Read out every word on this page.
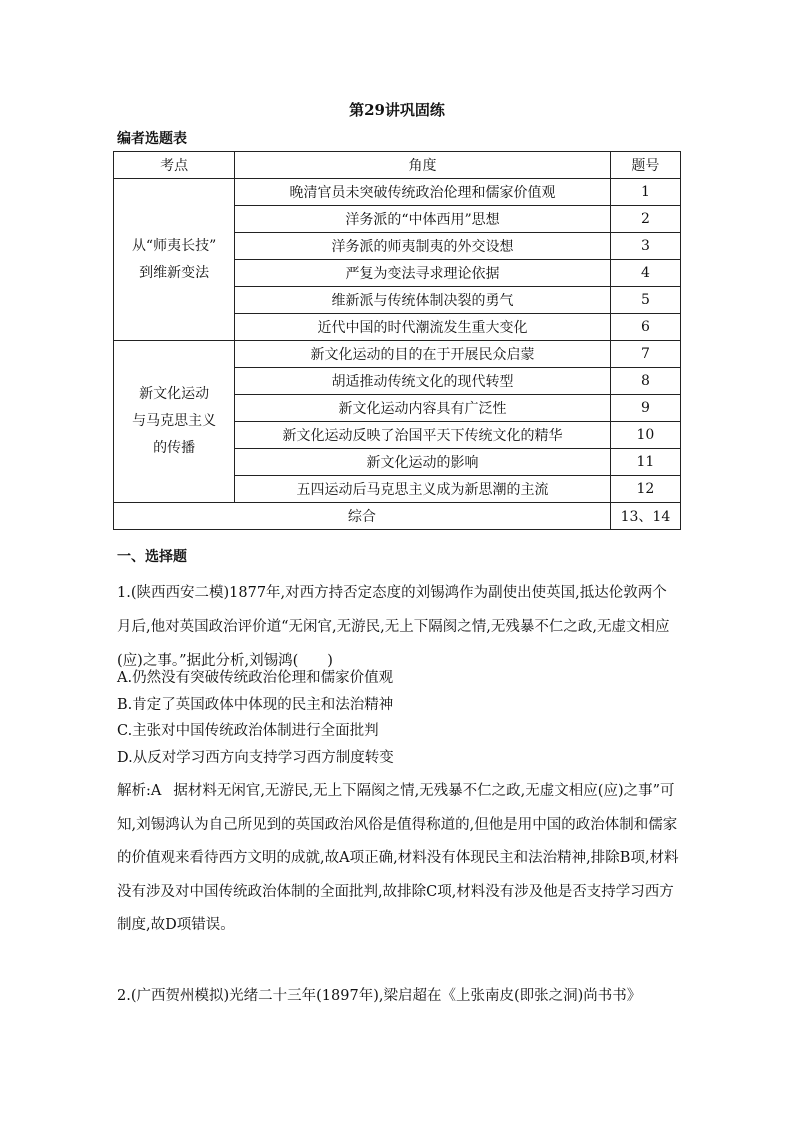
第29讲巩固练
编者选题表
考点	角度	题号

从“师夷长技”
到维新变法	晚清官员未突破传统政治伦理和儒家价值观	1
	洋务派的“中体西用”思想	2
	洋务派的师夷制夷的外交设想	3
	严复为变法寻求理论依据	4
	维新派与传统体制决裂的勇气	5
	近代中国的时代潮流发生重大变化	6

新文化运动
与马克思主义
的传播	新文化运动的目的在于开展民众启蒙	7
	胡适推动传统文化的现代转型	8
	新文化运动内容具有广泛性	9
	新文化运动反映了治国平天下传统文化的精华	10
	新文化运动的影响	11
	五四运动后马克思主义成为新思潮的主流	12
综合		13、14
一、选择题
1.(陕西西安二模)1877年,对西方持否定态度的刘锡鸿作为副使出使英国,抵达伦敦两个月后,他对英国政治评价道“无闲官,无游民,无上下隔阂之情,无残暴不仁之政,无虚文相应(应)之事。”据此分析,刘锡鸿(　　)
A.仍然没有突破传统政治伦理和儒家价值观
B.肯定了英国政体中体现的民主和法治精神
C.主张对中国传统政治体制进行全面批判
D.从反对学习西方向支持学习西方制度转变
解析:A 据材料无闲官,无游民,无上下隔阂之情,无残暴不仁之政,无虚文相应(应)之事”可知,刘锡鸿认为自己所见到的英国政治风俗是值得称道的,但他是用中国的政治体制和儒家的价值观来看待西方文明的成就,故A项正确,材料没有体现民主和法治精神,排除B项,材料没有涉及对中国传统政治体制的全面批判,故排除C项,材料没有涉及他是否支持学习西方制度,故D项错误。
2.(广西贺州模拟)光绪二十三年(1897年),梁启超在《上张南皮(即张之洞)尚书书》
